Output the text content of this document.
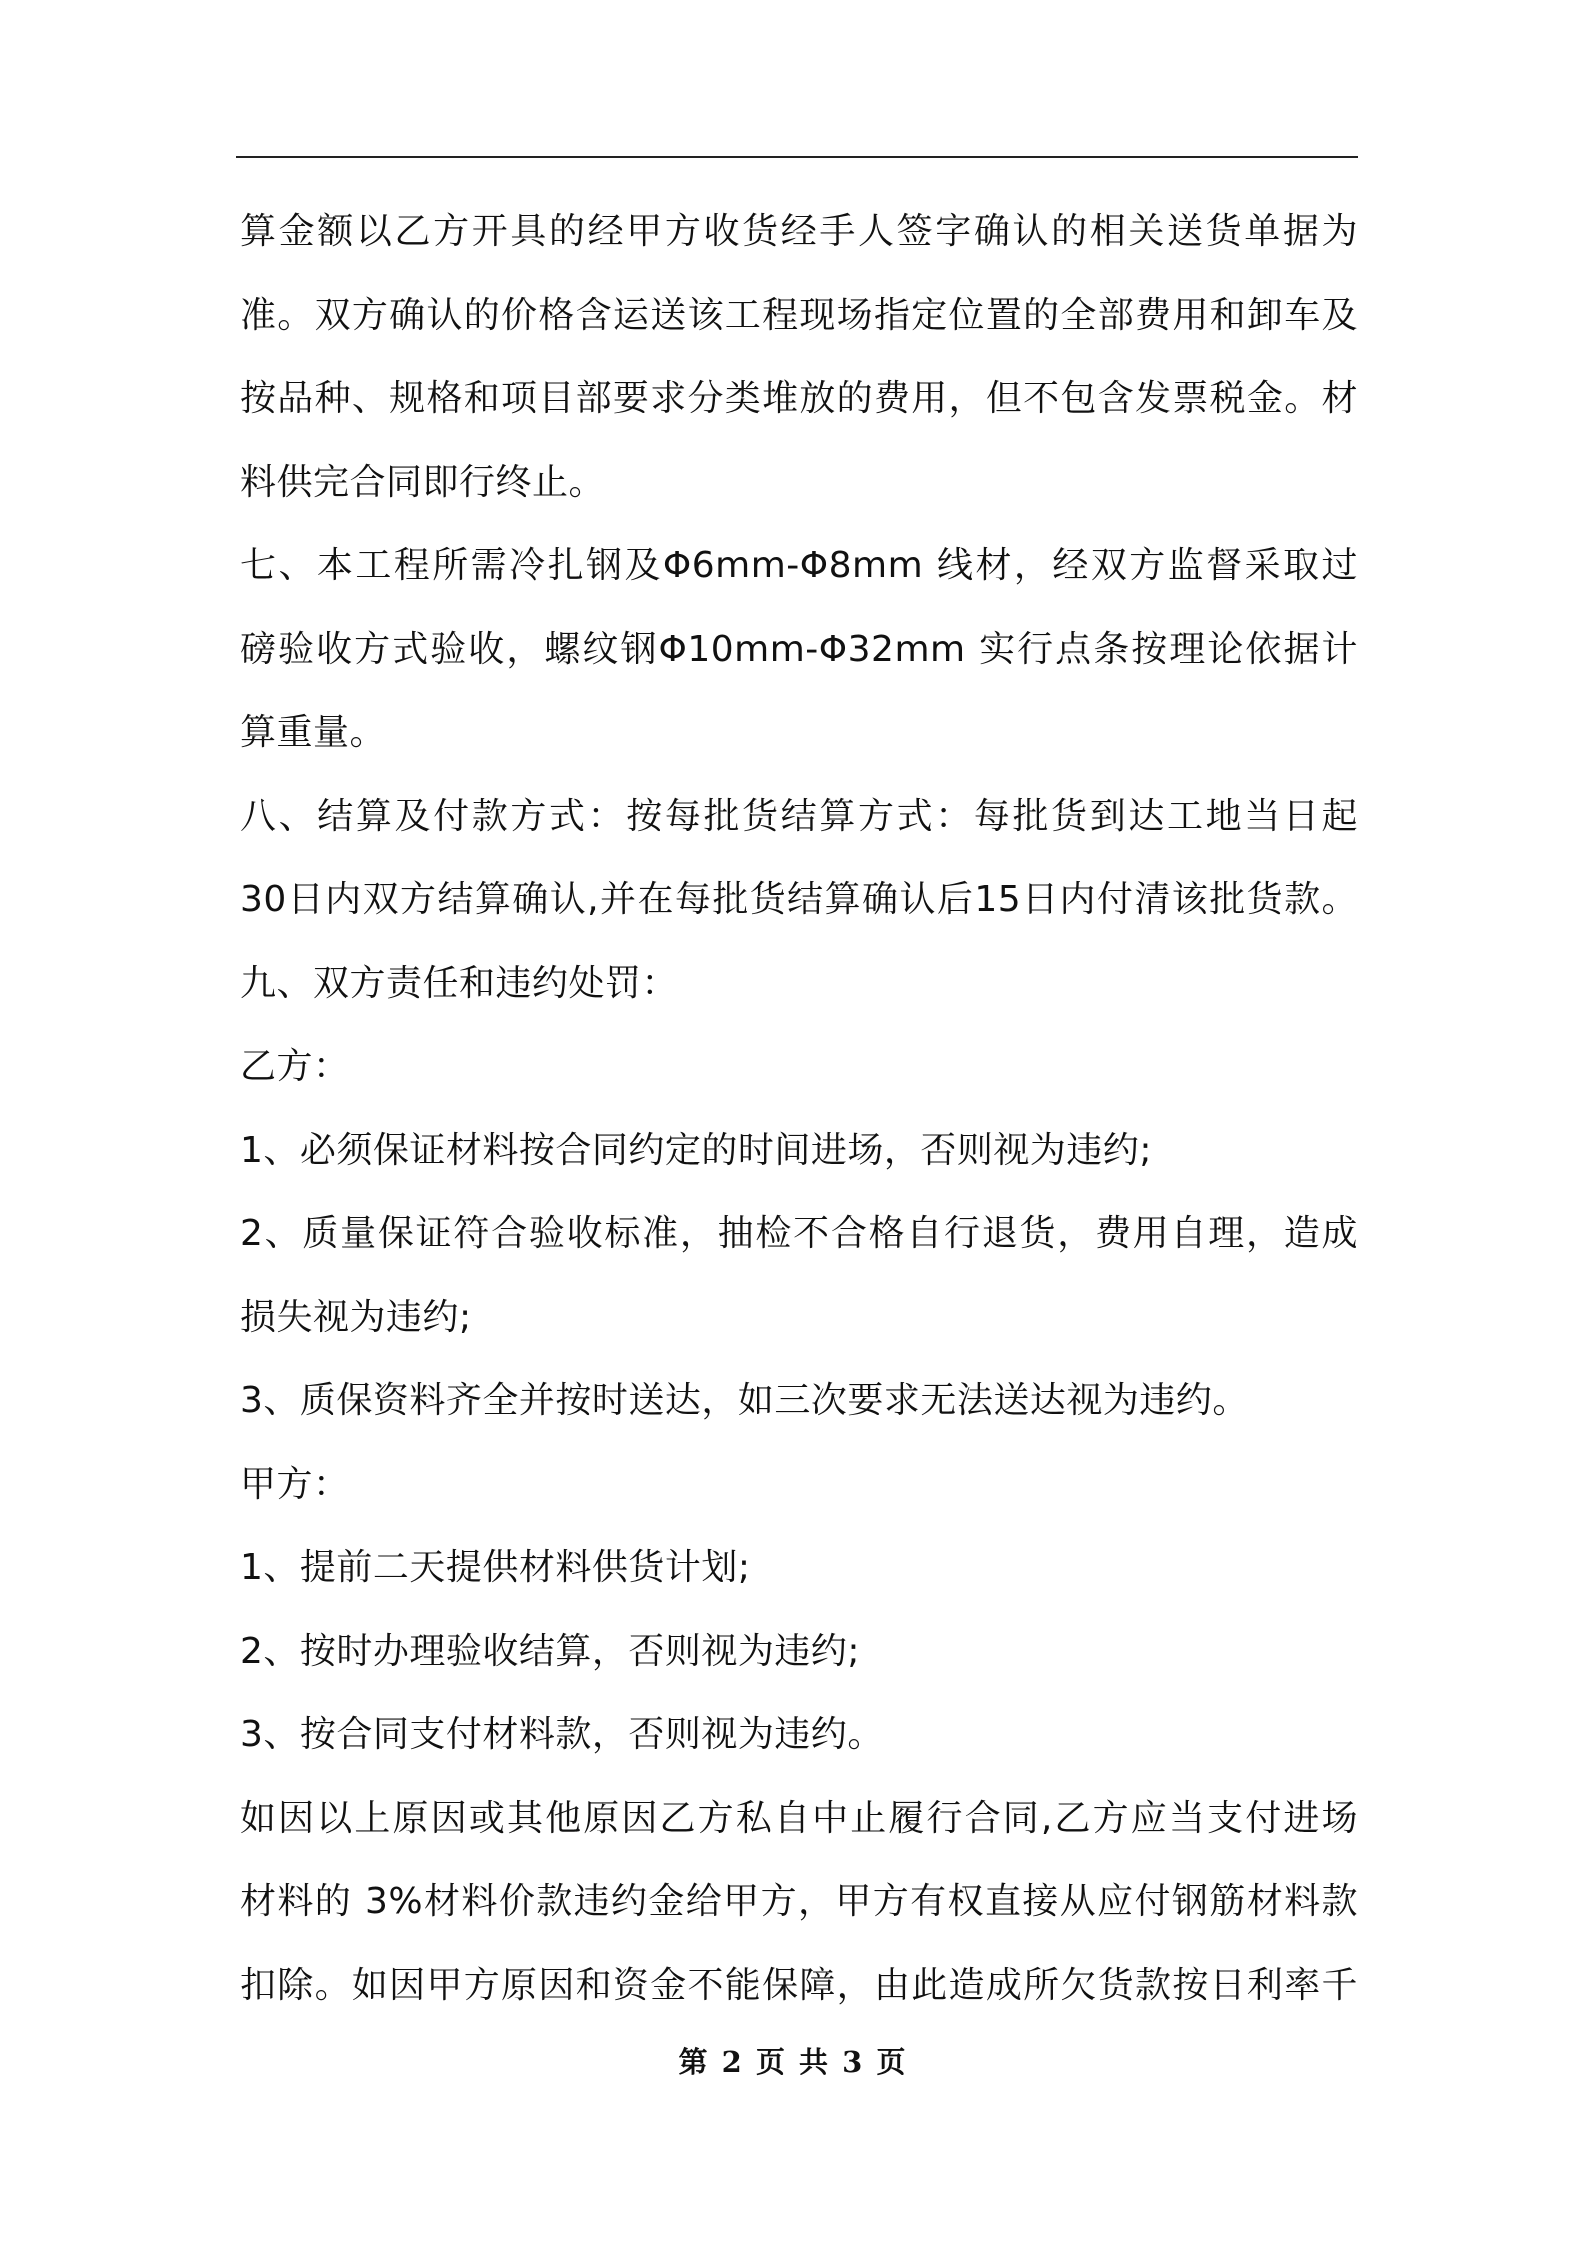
算金额以乙方开具的经甲方收货经手人签字确认的相关送货单据为
准。双方确认的价格含运送该工程现场指定位置的全部费用和卸车及
按品种、规格和项目部要求分类堆放的费用，但不包含发票税金。材
料供完合同即行终止。
七、本工程所需冷扎钢及Φ6mm-Φ8mm 线材，经双方监督采取过
磅验收方式验收，螺纹钢Φ10mm-Φ32mm 实行点条按理论依据计
算重量。
八、结算及付款方式：按每批货结算方式：每批货到达工地当日起
30日内双方结算确认,并在每批货结算确认后15日内付清该批货款。
九、双方责任和违约处罚：
乙方：
1、必须保证材料按合同约定的时间进场，否则视为违约;
2、质量保证符合验收标准，抽检不合格自行退货，费用自理，造成
损失视为违约;
3、质保资料齐全并按时送达，如三次要求无法送达视为违约。
甲方：
1、提前二天提供材料供货计划;
2、按时办理验收结算，否则视为违约;
3、按合同支付材料款，否则视为违约。
如因以上原因或其他原因乙方私自中止履行合同,乙方应当支付进场
材料的 3%材料价款违约金给甲方，甲方有权直接从应付钢筋材料款
扣除。如因甲方原因和资金不能保障，由此造成所欠货款按日利率千
第 2 页 共 3 页
